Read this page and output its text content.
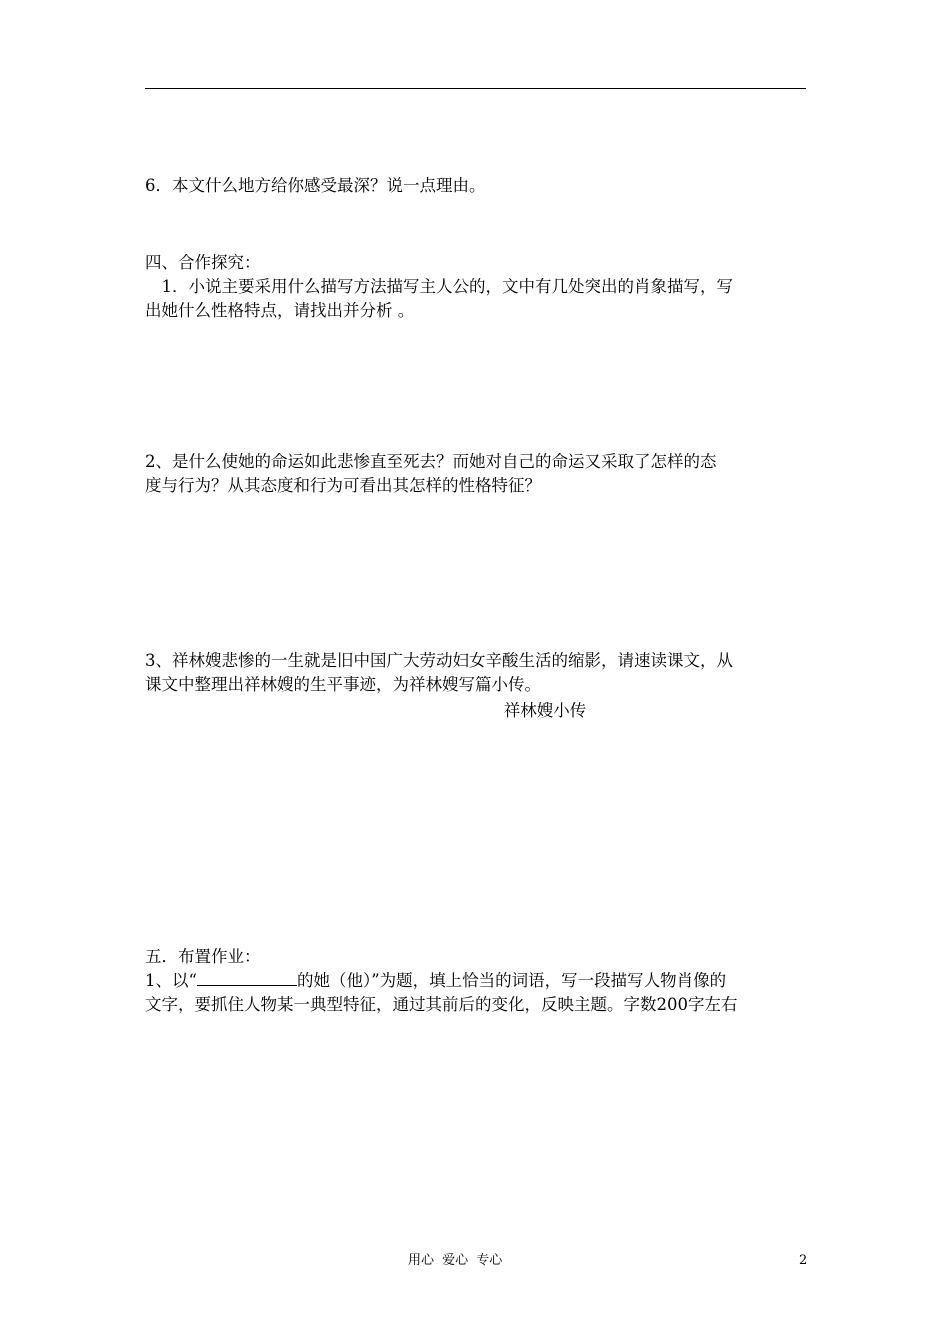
6．本文什么地方给你感受最深？说一点理由。
四、合作探究：
　1．小说主要采用什么描写方法描写主人公的，文中有几处突出的肖象描写，写
出她什么性格特点，请找出并分析 。
2、是什么使她的命运如此悲惨直至死去？而她对自己的命运又采取了怎样的态
度与行为？从其态度和行为可看出其怎样的性格特征？
3、祥林嫂悲惨的一生就是旧中国广大劳动妇女辛酸生活的缩影，请速读课文，从
课文中整理出祥林嫂的生平事迹，为祥林嫂写篇小传。
祥林嫂小传
五．布置作业：
1、以“	的她（他）”为题，填上恰当的词语，写一段描写人物肖像的
文字，要抓住人物某一典型特征，通过其前后的变化，反映主题。字数200字左右
用心 爱心 专心	2
